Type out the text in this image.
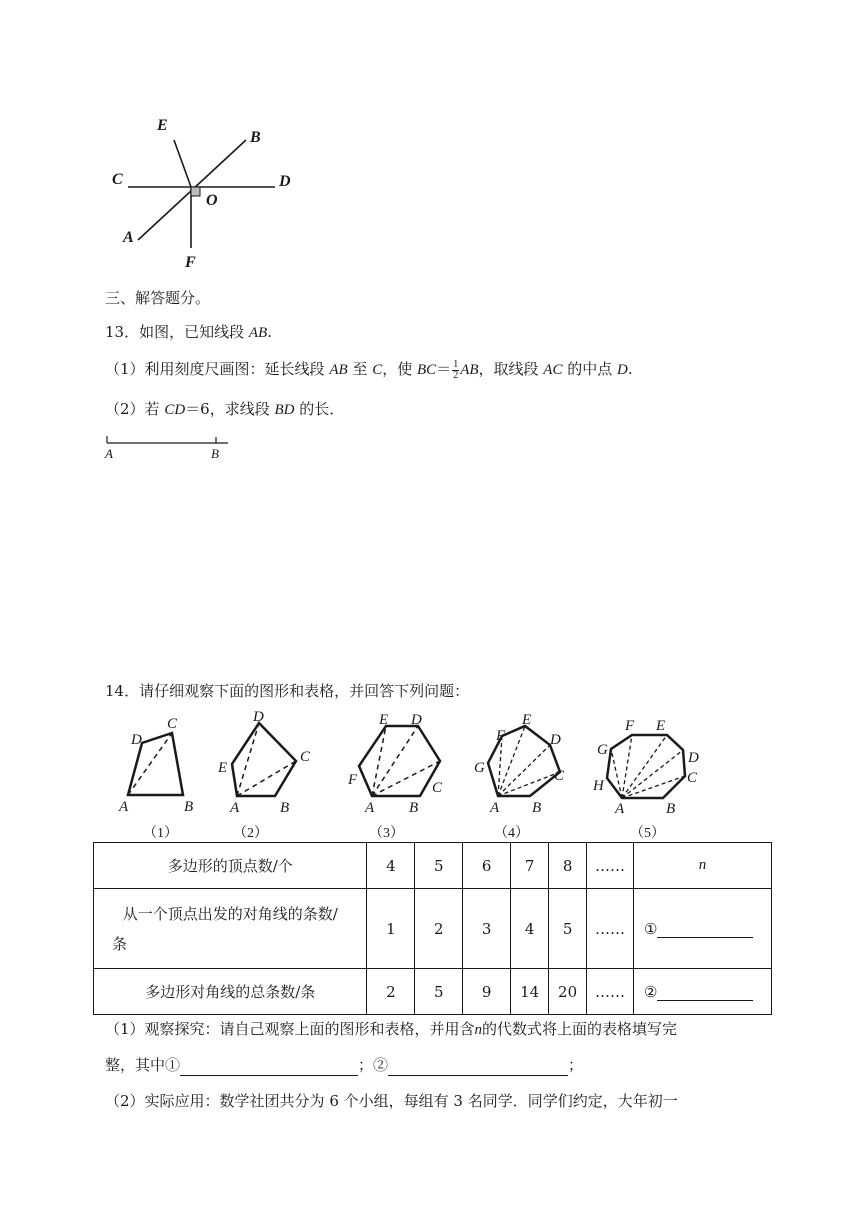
E
B
C	D
O
A
F
三、解答题分。
13．如图，已知线段 AB.
（1）利用刻度尺画图：延长线段 AB 至 C，使 $BC= \frac{1}{2}$ AB，取线段 AC 的中点 D.
（2）若 CD＝6，求线段 BD 的长．
A	B
14．请仔细观察下面的图形和表格，并回答下列问题：
A	B
C
D
A	B
C
D
E
A B
C
D
E
F
A B
C
D
E
F
G
A	B
C
D
E
F
G
H
（1）	（2）	（3）	（4）	（5）
多边形的顶点数/个	4	5	6	7	8	……	n

从一个顶点出发的对角线的条数/
条	1	2	3	4	5	……	①
多边形对角线的总条数/条	2	5	9	14	20	……	②
（1）观察探究：请自己观察上面的图形和表格，并用含n的代数式将上面的表格填写完
整，其中①	；②	；
（2）实际应用：数学社团共分为 6 个小组，每组有 3 名同学．同学们约定，大年初一
